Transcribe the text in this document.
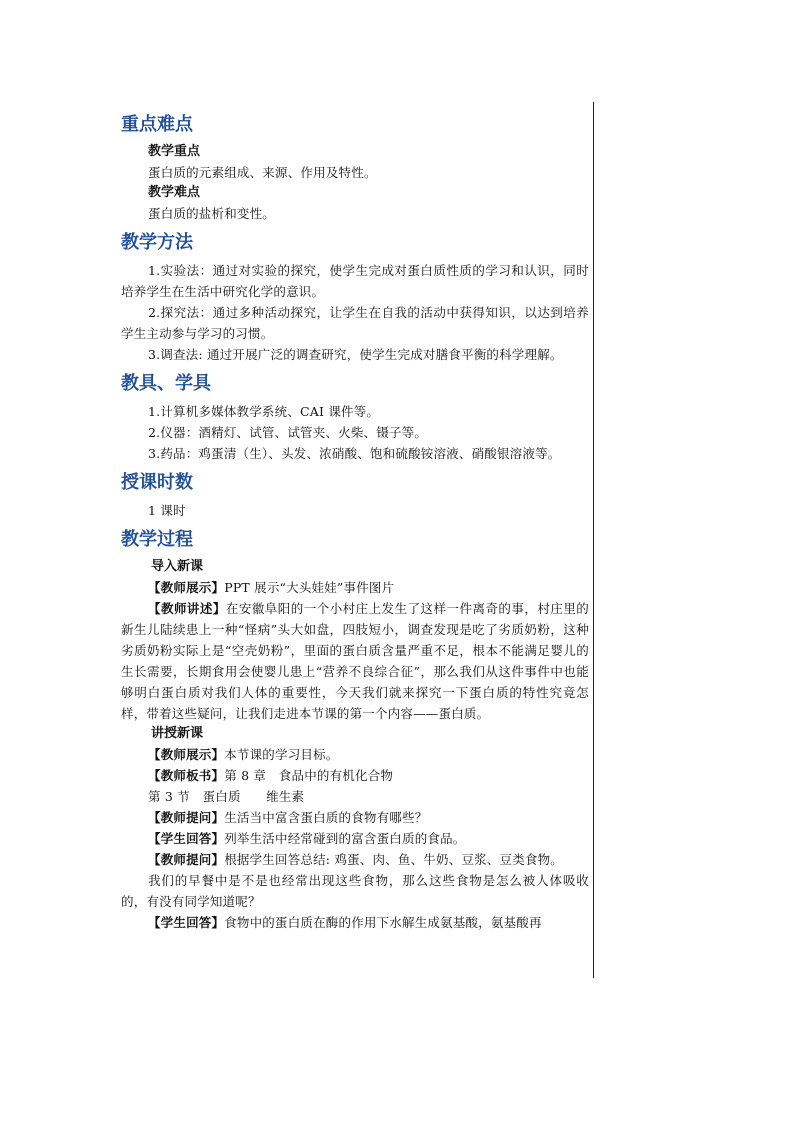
重点难点
教学重点

蛋白质的元素组成、来源、作用及特性。

教学难点

蛋白质的盐析和变性。

教学方法

1.实验法：通过对实验的探究，使学生完成对蛋白质性质的学习和认识，同时培养学生在生活中研究化学的意识。

2.探究法：通过多种活动探究，让学生在自我的活动中获得知识，以达到培养学生主动参与学习的习惯。

3.调查法: 通过开展广泛的调查研究，使学生完成对膳食平衡的科学理解。

教具、学具

1.计算机多媒体教学系统、CAI 课件等。

2.仪器：酒精灯、试管、试管夹、火柴、镊子等。

3.药品：鸡蛋清（生）、头发、浓硝酸、饱和硫酸铵溶液、硝酸银溶液等。

授课时数

1 课时

教学过程
导入新课

【教师展示】PPT 展示“大头娃娃”事件图片

【教师讲述】在安徽阜阳的一个小村庄上发生了这样一件离奇的事，村庄里的新生儿陆续患上一种“怪病”头大如盘，四肢短小，调查发现是吃了劣质奶粉，这种劣质奶粉实际上是“空壳奶粉”，里面的蛋白质含量严重不足，根本不能满足婴儿的生长需要，长期食用会使婴儿患上“营养不良综合征”，那么我们从这件事件中也能够明白蛋白质对我们人体的重要性，今天我们就来探究一下蛋白质的特性究竟怎样，带着这些疑问，让我们走进本节课的第一个内容——蛋白质。

讲授新课

【教师展示】本节课的学习目标。

【教师板书】第 8 章　食品中的有机化合物

第 3 节　蛋白质　　维生素

【教师提问】生活当中富含蛋白质的食物有哪些？

【学生回答】列举生活中经常碰到的富含蛋白质的食品。

【教师提问】根据学生回答总结: 鸡蛋、肉、鱼、牛奶、豆浆、豆类食物。

我们的早餐中是不是也经常出现这些食物，那么这些食物是怎么被人体吸收的，有没有同学知道呢？

【学生回答】食物中的蛋白质在酶的作用下水解生成氨基酸，氨基酸再
